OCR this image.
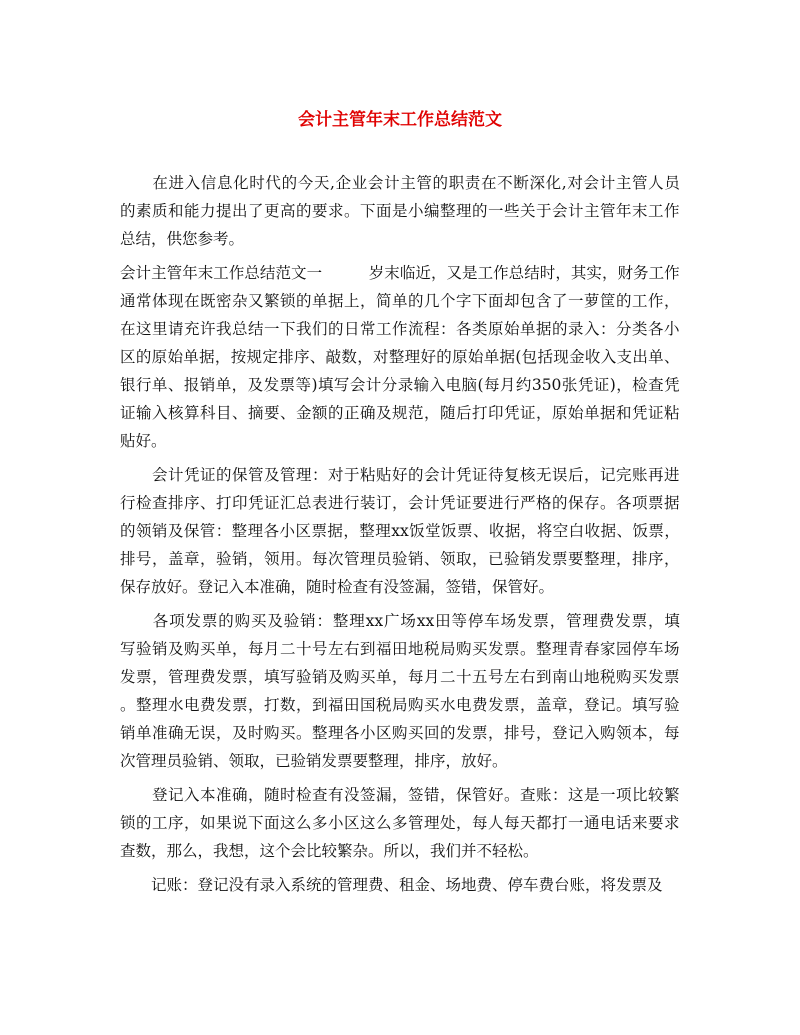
会计主管年末工作总结范文

在 进 入 信 息 化 时 代 的 今 天 , 企 业 会 计 主 管 的 职 责 在 不 断 深 化 , 对 会 计 主 管 人 员
的 素 质 和 能 力 提 出 了 更 高 的 要 求 。 下 面 是 小 编 整 理 的 一 些 关 于 会 计 主 管 年 末 工 作
总结，供您参考。
会 计 主 管 年 末 工 作 总 结 范 文 一

　	岁 末 临 近 ， 又 是 工 作 总 结 时 ， 其 实 ， 财 务 工 作
通 常 体 现 在 既 密 杂 又 繁 锁 的 单 据 上 ， 简 单 的 几 个 字 下 面 却 包 含 了 一 萝 筐 的 工 作 ，
在 这 里 请 充 许 我 总 结 一 下 我 们 的 日 常 工 作 流 程 ： 各 类 原 始 单 据 的 录 入 ： 分 类 各 小
区 的 原 始 单 据 ， 按 规 定 排 序 、 敲 数 ， 对 整 理 好 的 原 始 单 据 ( 包 括 现 金 收 入 支 出 单 、
银 行 单 、 报 销 单 ， 及 发 票 等 ) 填 写 会 计 分 录 输 入 电 脑 ( 每 月 约 350 张 凭 证 ) ， 检 查 凭
证 输 入 核 算 科 目 、 摘 要 、 金 额 的 正 确 及 规 范 ， 随 后 打 印 凭 证 ， 原 始 单 据 和 凭 证 粘
贴好。

会 计 凭 证 的 保 管 及 管 理 ： 对 于 粘 贴 好 的 会 计 凭 证 待 复 核 无 误 后 ， 记 完 账 再 进
行 检 查 排 序 、 打 印 凭 证 汇 总 表 进 行 装 订 ， 会 计 凭 证 要 进 行 严 格 的 保 存 。 各 项 票 据
的 领 销 及 保 管 ： 整 理 各 小 区 票 据 ， 整 理 xx 饭 堂 饭 票 、 收 据 ， 将 空 白 收 据 、 饭 票 ，
排 号 ， 盖 章 ， 验 销 ， 领 用 。 每 次 管 理 员 验 销 、 领 取 ， 已 验 销 发 票 要 整 理 ， 排 序 ，
保存放好。登记入本准确，随时检查有没签漏，签错，保管好。

各 项 发 票 的 购 买 及 验 销 ： 整 理 xx 广 场 xx 田 等 停 车 场 发 票 ， 管 理 费 发 票 ， 填
写 验 销 及 购 买 单 ， 每 月 二 十 号 左 右 到 福 田 地 税 局 购 买 发 票 。 整 理 青 春 家 园 停 车 场
发 票 ， 管 理 费 发 票 ， 填 写 验 销 及 购 买 单 ， 每 月 二 十 五 号 左 右 到 南 山 地 税 购 买 发 票
。 整 理 水 电 费 发 票 ， 打 数 ， 到 福 田 国 税 局 购 买 水 电 费 发 票 ， 盖 章 ， 登 记 。 填 写 验
销 单 准 确 无 误 ， 及 时 购 买 。 整 理 各 小 区 购 买 回 的 发 票 ， 排 号 ， 登 记 入 购 领 本 ， 每
次管理员验销、领取，已验销发票要整理，排序，放好。

登 记 入 本 准 确 ， 随 时 检 查 有 没 签 漏 ， 签 错 ， 保 管 好 。 查 账 ： 这 是 一 项 比 较 繁
锁 的 工 序 ， 如 果 说 下 面 这 么 多 小 区 这 么 多 管 理 处 ， 每 人 每 天 都 打 一 通 电 话 来 要 求
查数，那么，我想，这个会比较繁杂。所以，我们并不轻松。
　　记账：登记没有录入系统的管理费、租金、场地费、停车费台账，将发票及
